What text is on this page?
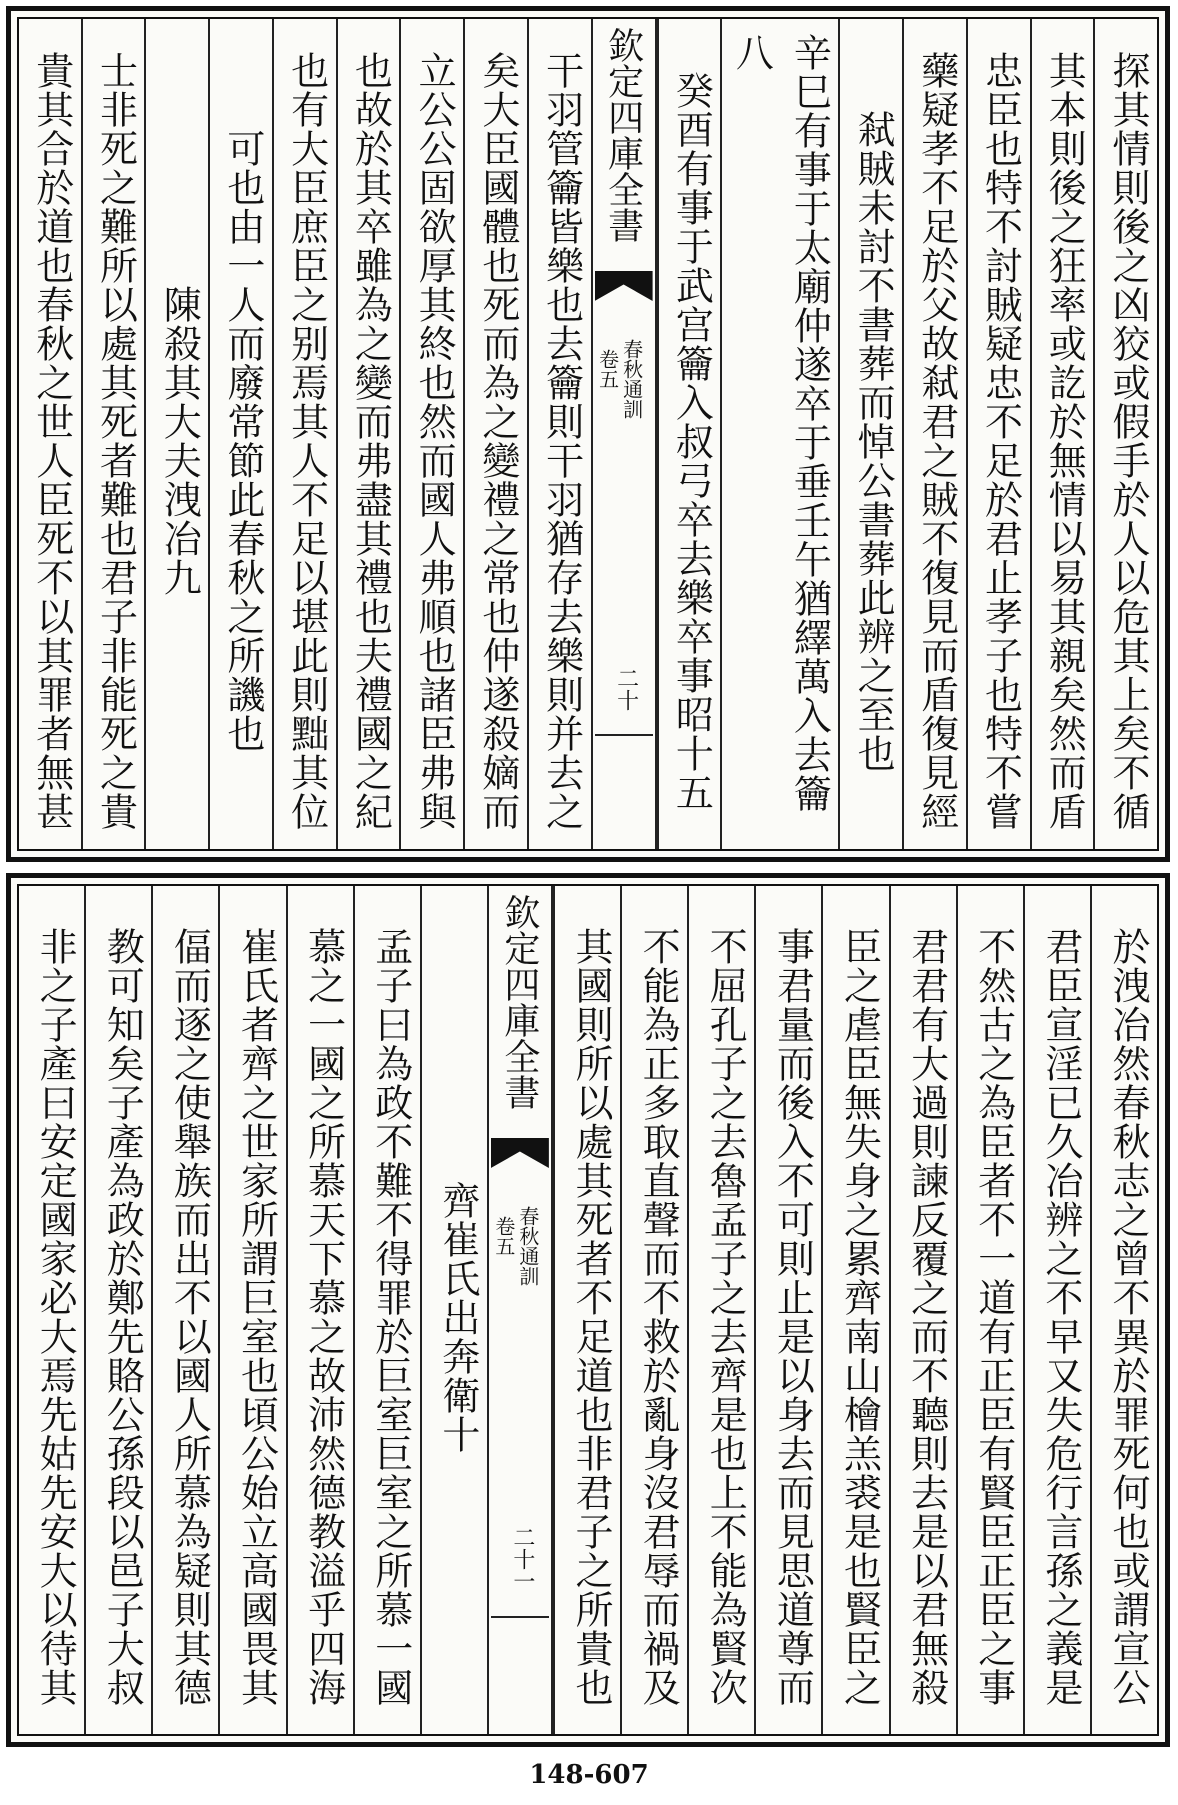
探其情則後之凶狡或假手於人以危其上矣不循
其本則後之狂率或訖於無情以易其親矣然而盾
忠臣也特不討賊疑忠不足於君止孝子也特不嘗
藥疑孝不足於父故弒君之賊不復見而盾復見經
弒賊未討不書葬而悼公書葬此辨之至也
辛巳有事于太廟仲遂卒于垂壬午猶繹萬入去籥八
癸酉有事于武宫籥入叔弓卒去樂卒事昭十五
欽定四庫全書
春秋通訓
卷五
二十
干羽管籥皆樂也去籥則干羽猶存去樂則并去之
矣大臣國體也死而為之變禮之常也仲遂殺嫡而
立公公固欲厚其終也然而國人弗順也諸臣弗與
也故於其卒雖為之變而弗盡其禮也夫禮國之紀
也有大臣庶臣之别焉其人不足以堪此則黜其位
可也由一人而廢常節此春秋之所譏也
陳殺其大夫洩冶九
士非死之難所以處其死者難也君子非能死之貴
貴其合於道也春秋之世人臣死不以其罪者無甚
於洩冶然春秋志之曾不異於罪死何也或謂宣公
君臣宣淫已久冶辨之不早又失危行言孫之義是
不然古之為臣者不一道有正臣有賢臣正臣之事
君君有大過則諫反覆之而不聽則去是以君無殺
臣之虐臣無失身之累齊南山檜羔裘是也賢臣之
事君量而後入不可則止是以身去而見思道尊而
不屈孔子之去魯孟子之去齊是也上不能為賢次
不能為正多取直聲而不救於亂身沒君辱而禍及
其國則所以處其死者不足道也非君子之所貴也
欽定四庫全書
春秋通訓
卷五
二十一
齊崔氏出奔衛十
孟子曰為政不難不得罪於巨室巨室之所慕一國
慕之一國之所慕天下慕之故沛然德教溢乎四海
崔氏者齊之世家所謂巨室也頃公始立高國畏其
偪而逐之使舉族而出不以國人所慕為疑則其德
教可知矣子產為政於鄭先賂公孫段以邑子大叔
非之子產曰安定國家必大焉先姑先安大以待其
148-607
